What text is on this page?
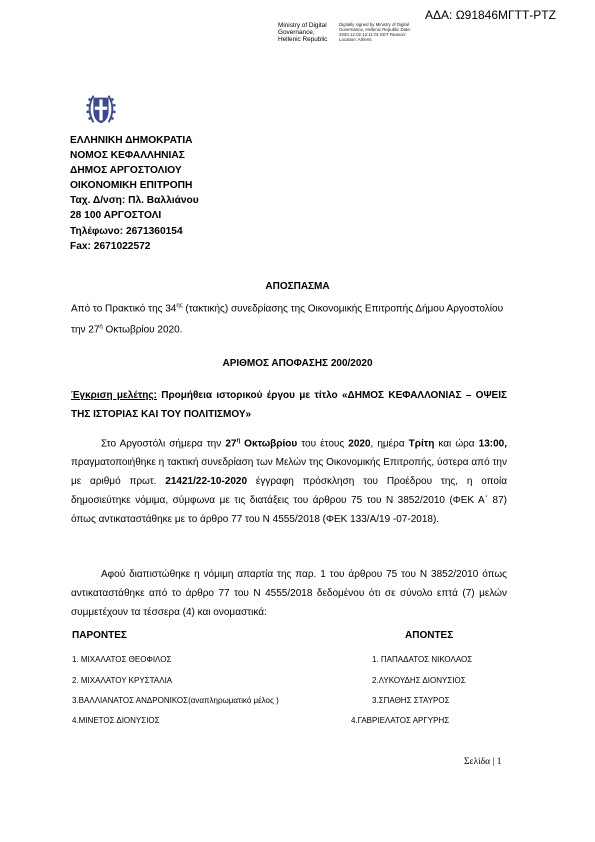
ΑΔΑ: Ω91846ΜΓΤΤ-ΡΤΖ
Ministry of Digital Governance, Hellenic Republic
Digitally signed by Ministry of Digital Governance, Hellenic Republic Date: 2020.12.02 12:11:01 EET Reason: Location: Athens
ΕΛΛΗΝΙΚΗ ΔΗΜΟΚΡΑΤΙΑ
ΝΟΜΟΣ ΚΕΦΑΛΛΗΝΙΑΣ
ΔΗΜΟΣ ΑΡΓΟΣΤΟΛΙΟΥ
ΟΙΚΟΝΟΜΙΚΗ ΕΠΙΤΡΟΠΗ
Ταχ. Δ/νση: Πλ. Βαλλιάνου
28 100 ΑΡΓΟΣΤΟΛΙ
Τηλέφωνο: 2671360154
Fax: 2671022572
ΑΠΟΣΠΑΣΜΑ
Από το Πρακτικό της $34^{\eta\varsigma}$ (τακτικής) συνεδρίασης της Οικονομικής Επιτροπής Δήμου Αργοστολίου την $27^\eta$ Οκτωβρίου 2020.
ΑΡΙΘΜΟΣ ΑΠΟΦΑΣΗΣ 200/2020
Έγκριση μελέτης: Προμήθεια ιστορικού έργου με τίτλο «ΔΗΜΟΣ ΚΕΦΑΛΛΟΝΙΑΣ – ΟΨΕΙΣ ΤΗΣ ΙΣΤΟΡΙΑΣ ΚΑΙ ΤΟΥ ΠΟΛΙΤΙΣΜΟΥ»
Στο Αργοστόλι σήμερα την $27^\eta$ Οκτωβρίου του έτους 2020, ημέρα Τρίτη και ώρα 13:00, πραγματοποιήθηκε η τακτική συνεδρίαση των Μελών της Οικονομικής Επιτροπής, ύστερα από την με αριθμό πρωτ. 21421/22-10-2020 έγγραφη πρόσκληση του Προέδρου της, η οποία δημοσιεύτηκε νόμιμα, σύμφωνα με τις διατάξεις του άρθρου 75 του Ν 3852/2010 (ΦΕΚ Α΄ 87) όπως αντικαταστάθηκε με το άρθρο 77 του Ν 4555/2018 (ΦΕΚ 133/Α/19 -07-2018).
Αφού διαπιστώθηκε η νόμιμη απαρτία της παρ. 1 του άρθρου 75 του Ν 3852/2010 όπως αντικαταστάθηκε από το άρθρο 77 του Ν 4555/2018 δεδομένου ότι σε σύνολο επτά (7) μελών συμμετέχουν τα τέσσερα (4) και ονομαστικά:
ΠΑΡΟΝΤΕΣ	ΑΠΟΝΤΕΣ
1. ΜΙΧΑΛΑΤΟΣ ΘΕΟΦΙΛΟΣ
2. ΜΙΧΑΛΑΤΟΥ ΚΡΥΣΤΑΛΙΑ
3.ΒΑΛΛΙΑΝΑΤΟΣ ΑΝΔΡΟΝΙΚΟΣ(αναπληρωματικό μέλος )
4.ΜΙΝΕΤΟΣ ΔΙΟΝΥΣΙΟΣ
1. ΠΑΠΑΔΑΤΟΣ ΝΙΚΟΛΑΟΣ
2.ΛΥΚΟΥΔΗΣ ΔΙΟΝΥΣΙΟΣ
3.ΣΠΑΘΗΣ ΣΤΑΥΡΟΣ
4.ΓΑΒΡΙΕΛΑΤΟΣ ΑΡΓΥΡΗΣ
Σελίδα | 1
